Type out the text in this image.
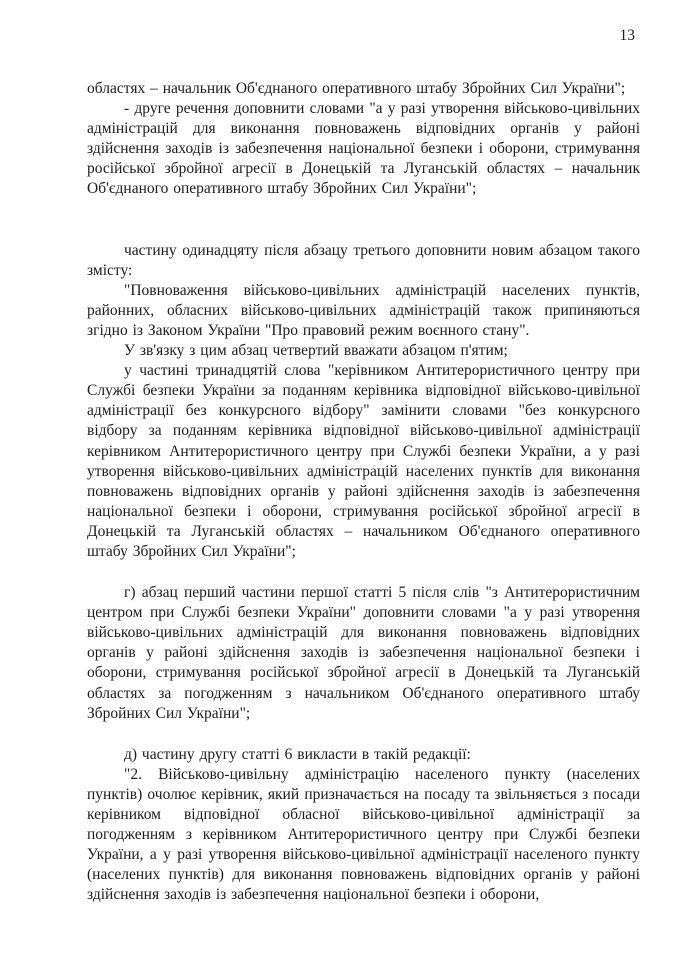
13

областях – начальник Об'єднаного оперативного штабу Збройних Сил України";

- друге речення доповнити словами "а у разі утворення військово-цивільних адміністрацій для виконання повноважень відповідних органів у районі здійснення заходів із забезпечення національної безпеки і оборони, стримування російської збройної агресії в Донецькій та Луганській областях – начальник Об'єднаного оперативного штабу Збройних Сил України";

частину одинадцяту після абзацу третього доповнити новим абзацом такого змісту:

"Повноваження військово-цивільних адміністрацій населених пунктів, районних, обласних військово-цивільних адміністрацій також припиняються згідно із Законом України "Про правовий режим воєнного стану".

У зв'язку з цим абзац четвертий вважати абзацом п'ятим;

у частині тринадцятій слова "керівником Антитерористичного центру при Службі безпеки України за поданням керівника відповідної військово-цивільної адміністрації без конкурсного відбору" замінити словами "без конкурсного відбору за поданням керівника відповідної військово-цивільної адміністрації керівником Антитерористичного центру при Службі безпеки України, а у разі утворення військово-цивільних адміністрацій населених пунктів для виконання повноважень відповідних органів у районі здійснення заходів із забезпечення національної безпеки і оборони, стримування російської збройної агресії в Донецькій та Луганській областях – начальником Об'єднаного оперативного штабу Збройних Сил України";

г) абзац перший частини першої статті 5 після слів "з Антитерористичним центром при Службі безпеки України" доповнити словами "а у разі утворення військово-цивільних адміністрацій для виконання повноважень відповідних органів у районі здійснення заходів із забезпечення національної безпеки і оборони, стримування російської збройної агресії в Донецькій та Луганській областях за погодженням з начальником Об'єднаного оперативного штабу Збройних Сил України";

д) частину другу статті 6 викласти в такій редакції:

"2. Військово-цивільну адміністрацію населеного пункту (населених пунктів) очолює керівник, який призначається на посаду та звільняється з посади керівником відповідної обласної військово-цивільної адміністрації за погодженням з керівником Антитерористичного центру при Службі безпеки України, а у разі утворення військово-цивільної адміністрації населеного пункту (населених пунктів) для виконання повноважень відповідних органів у районі здійснення заходів із забезпечення національної безпеки і оборони,
